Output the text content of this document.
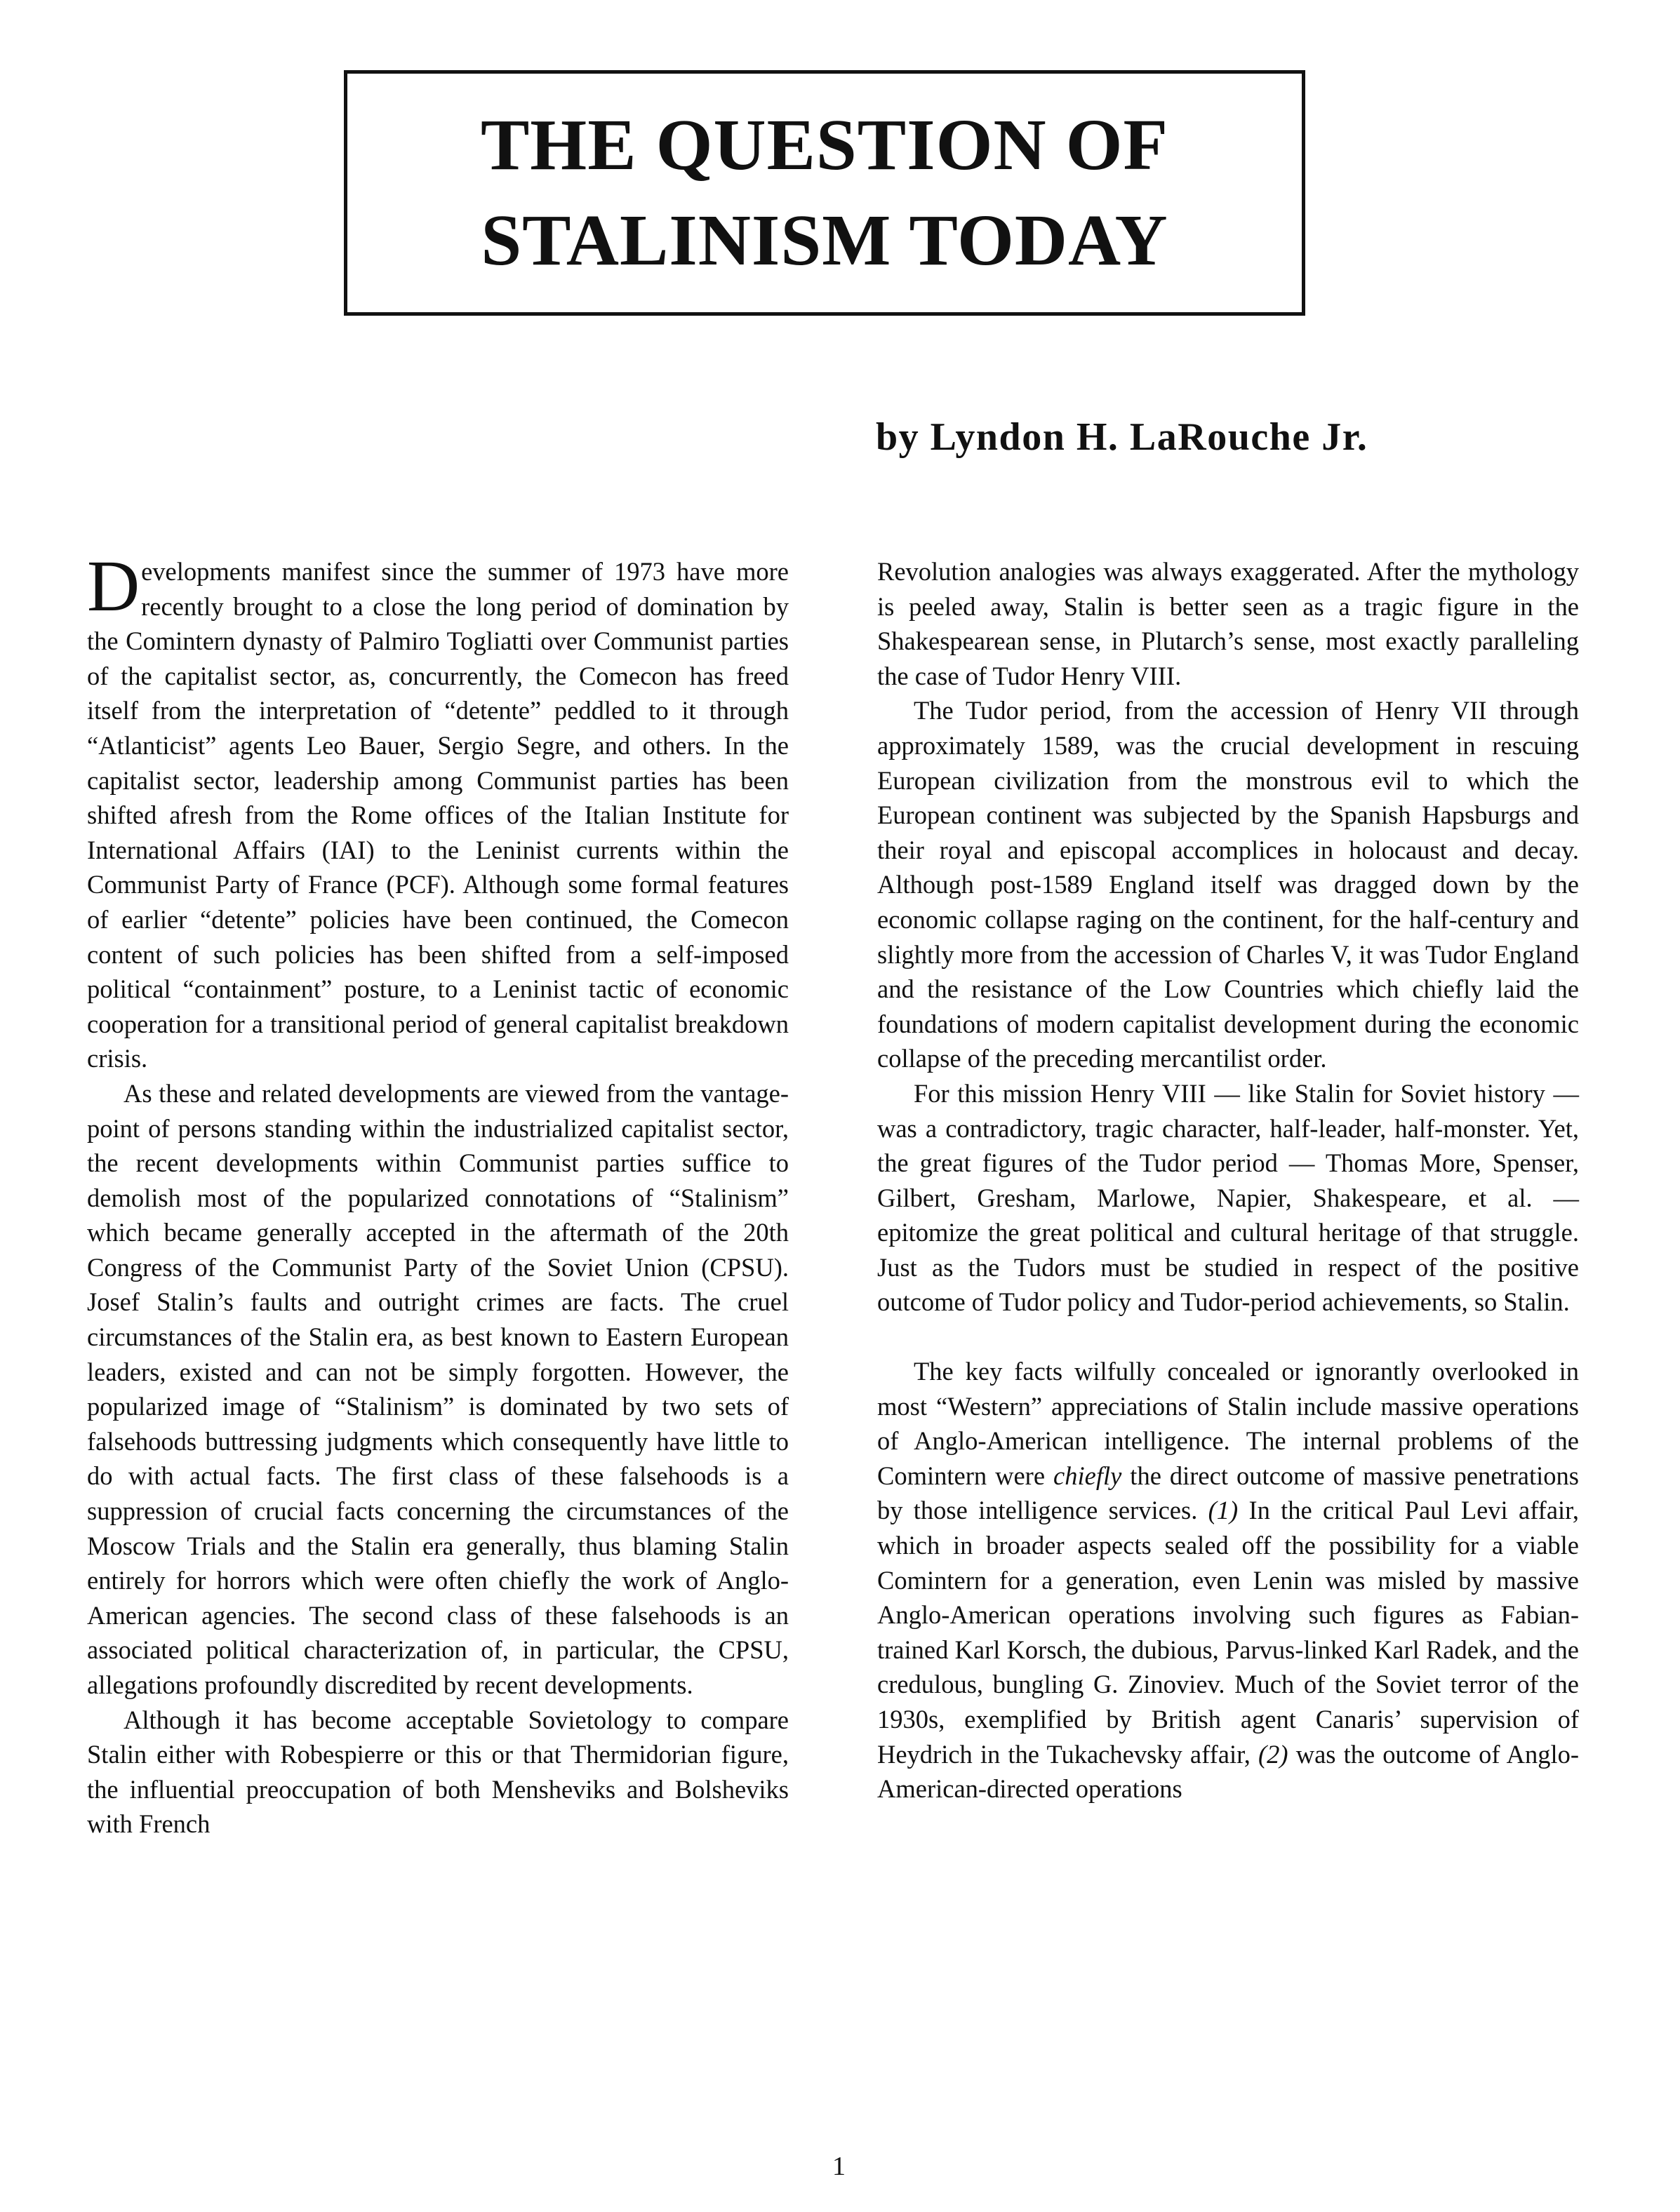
THE QUESTION OF
STALINISM TODAY
by Lyndon H. LaRouche Jr.

Developments manifest since the summer of 1973 have more recently brought to a close the long period of domination by the Comintern dynasty of Palmiro Togliatti over Communist parties of the capitalist sector, as, concurrently, the Comecon has freed itself from the interpretation of “detente” peddled to it through “Atlanticist” agents Leo Bauer, Sergio Segre, and others. In the capitalist sector, leadership among Communist parties has been shifted afresh from the Rome offices of the Italian Institute for International Affairs (IAI) to the Leninist currents within the Communist Party of France (PCF). Although some formal features of earlier “detente” policies have been continued, the Comecon content of such policies has been shifted from a self-imposed political “containment” posture, to a Leninist tactic of economic cooperation for a transitional period of general capitalist breakdown crisis.

As these and related developments are viewed from the vantage-point of persons standing within the industrialized capitalist sector, the recent developments within Communist parties suffice to demolish most of the popularized connotations of “Stalinism” which became generally accepted in the aftermath of the 20th Congress of the Communist Party of the Soviet Union (CPSU). Josef Stalin’s faults and outright crimes are facts. The cruel circumstances of the Stalin era, as best known to Eastern European leaders, existed and can not be simply forgotten. However, the popularized image of “Stalinism” is dominated by two sets of falsehoods buttressing judgments which consequently have little to do with actual facts. The first class of these falsehoods is a suppression of crucial facts concerning the circumstances of the Moscow Trials and the Stalin era generally, thus blaming Stalin entirely for horrors which were often chiefly the work of Anglo-American agencies. The second class of these falsehoods is an associated political characterization of, in particular, the CPSU, allegations profoundly discredited by recent developments.

Although it has become acceptable Sovietology to compare Stalin either with Robespierre or this or that Thermidorian figure, the influential preoccupation of both Mensheviks and Bolsheviks with French

Revolution analogies was always exaggerated. After the mythology is peeled away, Stalin is better seen as a tragic figure in the Shakespearean sense, in Plutarch’s sense, most exactly paralleling the case of Tudor Henry VIII.

The Tudor period, from the accession of Henry VII through approximately 1589, was the crucial development in rescuing European civilization from the monstrous evil to which the European continent was subjected by the Spanish Hapsburgs and their royal and episcopal accomplices in holocaust and decay. Although post-1589 England itself was dragged down by the economic collapse raging on the continent, for the half-century and slightly more from the accession of Charles V, it was Tudor England and the resistance of the Low Countries which chiefly laid the foundations of modern capitalist development during the economic collapse of the preceding mercantilist order.

For this mission Henry VIII — like Stalin for Soviet history — was a contradictory, tragic character, half-leader, half-monster. Yet, the great figures of the Tudor period — Thomas More, Spenser, Gilbert, Gresham, Marlowe, Napier, Shakespeare, et al. — epitomize the great political and cultural heritage of that struggle. Just as the Tudors must be studied in respect of the positive outcome of Tudor policy and Tudor-period achievements, so Stalin.

The key facts wilfully concealed or ignorantly overlooked in most “Western” appreciations of Stalin include massive operations of Anglo-American intelligence. The internal problems of the Comintern were chiefly the direct outcome of massive penetrations by those intelligence services. (1) In the critical Paul Levi affair, which in broader aspects sealed off the possibility for a viable Comintern for a generation, even Lenin was misled by massive Anglo-American operations involving such figures as Fabian-trained Karl Korsch, the dubious, Parvus-linked Karl Radek, and the credulous, bungling G. Zinoviev. Much of the Soviet terror of the 1930s, exemplified by British agent Canaris’ supervision of Heydrich in the Tukachevsky affair, (2) was the outcome of Anglo-American-directed operations

1
